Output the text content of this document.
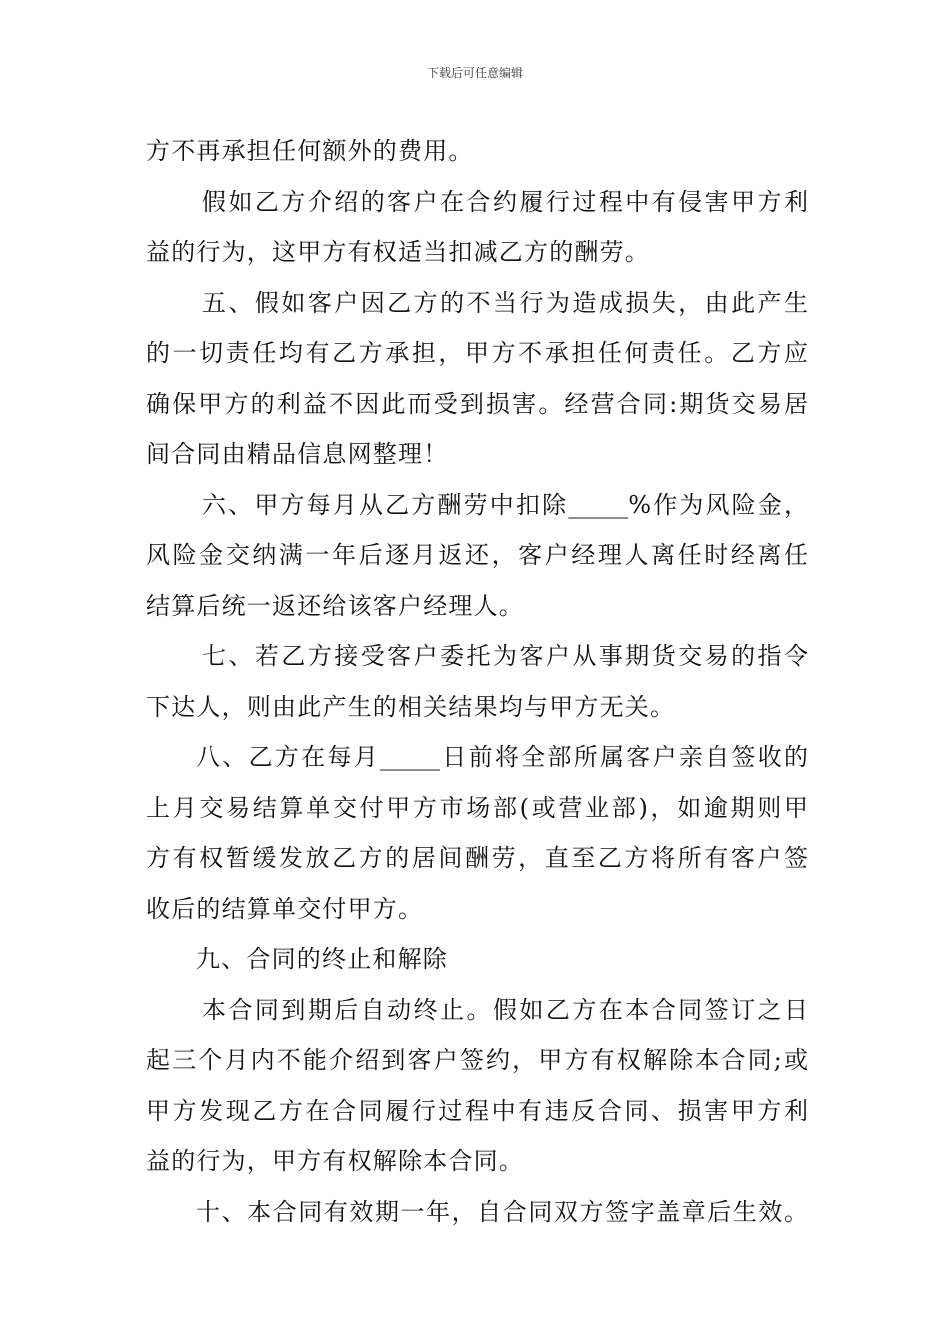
下载后可任意编辑
方不再承担任何额外的费用。
假如乙方介绍的客户在合约履行过程中有侵害甲方利
益的行为，这甲方有权适当扣减乙方的酬劳。
五、假如客户因乙方的不当行为造成损失，由此产生
的一切责任均有乙方承担，甲方不承担任何责任。乙方应
确保甲方的利益不因此而受到损害。经营合同:期货交易居
间合同由精品信息网整理！
六、甲方每月从乙方酬劳中扣除_____%作为风险金，
风险金交纳满一年后逐月返还，客户经理人离任时经离任
结算后统一返还给该客户经理人。
七、若乙方接受客户委托为客户从事期货交易的指令
下达人，则由此产生的相关结果均与甲方无关。
八、乙方在每月_____日前将全部所属客户亲自签收的
上月交易结算单交付甲方市场部(或营业部)，如逾期则甲
方有权暂缓发放乙方的居间酬劳，直至乙方将所有客户签
收后的结算单交付甲方。
九、合同的终止和解除
本合同到期后自动终止。假如乙方在本合同签订之日
起三个月内不能介绍到客户签约，甲方有权解除本合同;或
甲方发现乙方在合同履行过程中有违反合同、损害甲方利
益的行为，甲方有权解除本合同。
十、本合同有效期一年，自合同双方签字盖章后生效。
